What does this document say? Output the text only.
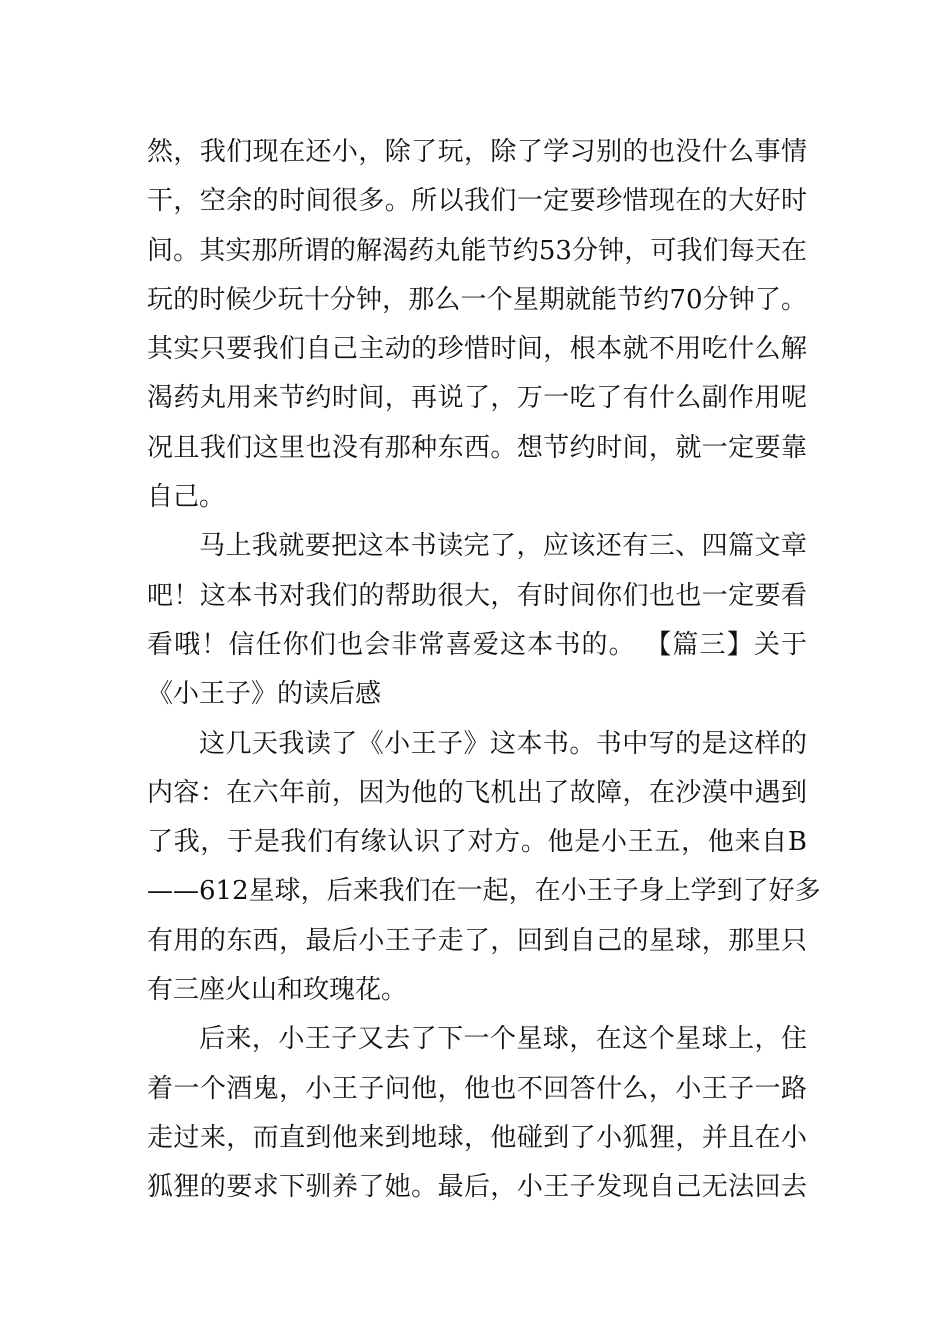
然，我们现在还小，除了玩，除了学习别的也没什么事情
干，空余的时间很多。所以我们一定要珍惜现在的大好时
间。其实那所谓的解渴药丸能节约53分钟，可我们每天在
玩的时候少玩十分钟，那么一个星期就能节约70分钟了。
其实只要我们自己主动的珍惜时间，根本就不用吃什么解
渴药丸用来节约时间，再说了，万一吃了有什么副作用呢
况且我们这里也没有那种东西。想节约时间，就一定要靠
自己。
马上我就要把这本书读完了，应该还有三、四篇文章
吧！这本书对我们的帮助很大，有时间你们也也一定要看
看哦！信任你们也会非常喜爱这本书的。 【篇三】关于
《小王子》的读后感
这几天我读了《小王子》这本书。书中写的是这样的
内容：在六年前，因为他的飞机出了故障，在沙漠中遇到
了我，于是我们有缘认识了对方。他是小王五，他来自B
——612星球，后来我们在一起，在小王子身上学到了好多
有用的东西，最后小王子走了，回到自己的星球，那里只
有三座火山和玫瑰花。
后来，小王子又去了下一个星球，在这个星球上，住
着一个酒鬼，小王子问他，他也不回答什么，小王子一路
走过来，而直到他来到地球，他碰到了小狐狸，并且在小
狐狸的要求下驯养了她。最后，小王子发现自己无法回去
